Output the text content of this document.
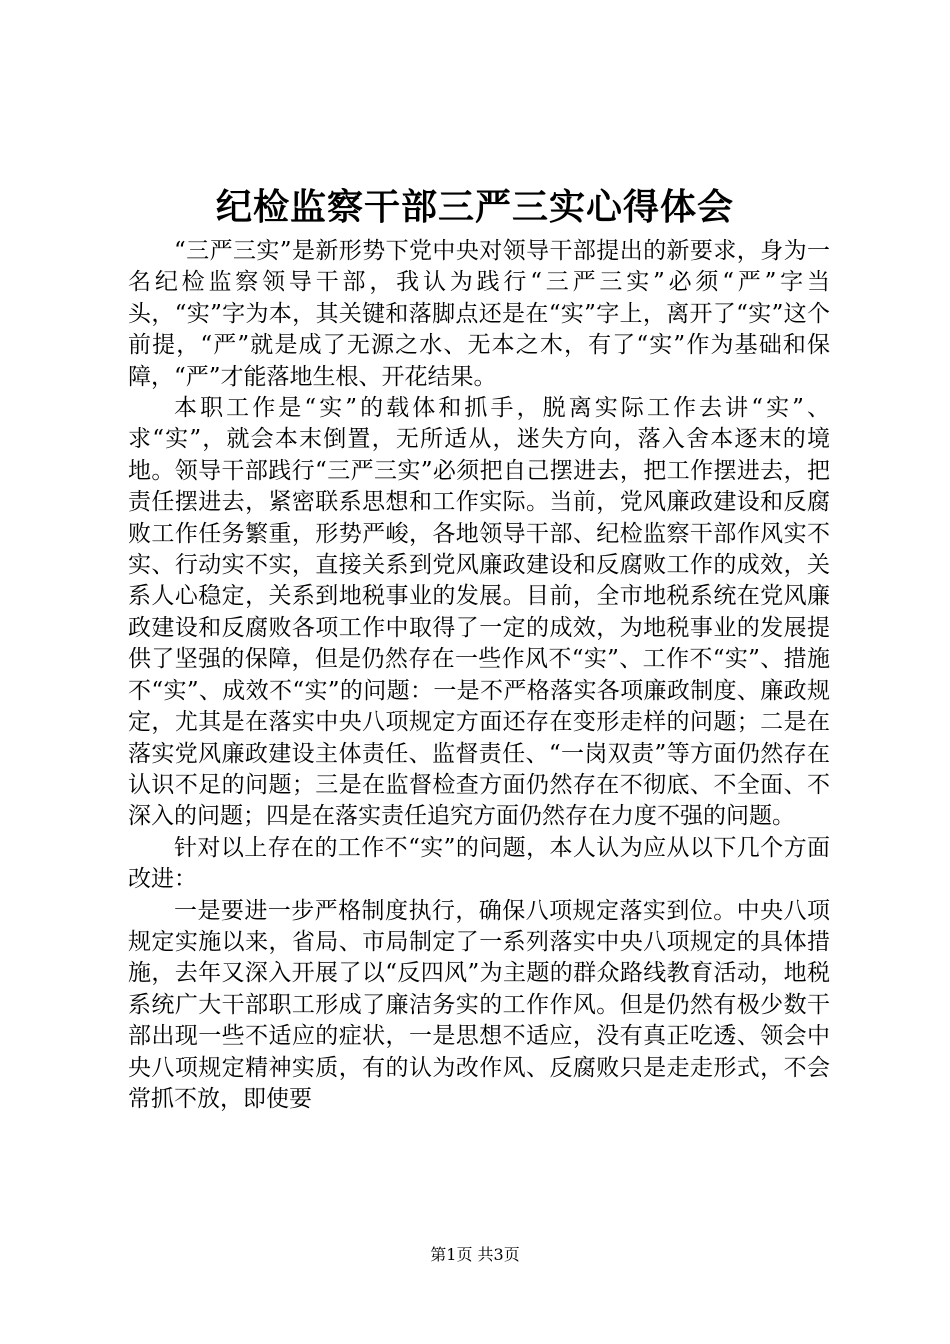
纪检监察干部三严三实心得体会

“三严三实”是新形势下党中央对领导干部提出的新要求，身为一名纪检监察领导干部，我认为践行“三严三实”必须“严”字当头，“实”字为本，其关键和落脚点还是在“实”字上，离开了“实”这个前提，“严”就是成了无源之水、无本之木，有了“实”作为基础和保障，“严”才能落地生根、开花结果。

本职工作是“实”的载体和抓手，脱离实际工作去讲“实”、求“实”，就会本末倒置，无所适从，迷失方向，落入舍本逐末的境地。领导干部践行“三严三实”必须把自己摆进去，把工作摆进去，把责任摆进去，紧密联系思想和工作实际。当前，党风廉政建设和反腐败工作任务繁重，形势严峻，各地领导干部、纪检监察干部作风实不实、行动实不实，直接关系到党风廉政建设和反腐败工作的成效，关系人心稳定，关系到地税事业的发展。目前，全市地税系统在党风廉政建设和反腐败各项工作中取得了一定的成效，为地税事业的发展提供了坚强的保障，但是仍然存在一些作风不“实”、工作不“实”、措施不“实”、成效不“实”的问题：一是不严格落实各项廉政制度、廉政规定，尤其是在落实中央八项规定方面还存在变形走样的问题；二是在落实党风廉政建设主体责任、监督责任、“一岗双责”等方面仍然存在认识不足的问题；三是在监督检查方面仍然存在不彻底、不全面、不深入的问题；四是在落实责任追究方面仍然存在力度不强的问题。

针对以上存在的工作不“实”的问题，本人认为应从以下几个方面改进：

一是要进一步严格制度执行，确保八项规定落实到位。中央八项规定实施以来，省局、市局制定了一系列落实中央八项规定的具体措施，去年又深入开展了以“反四风”为主题的群众路线教育活动，地税系统广大干部职工形成了廉洁务实的工作作风。但是仍然有极少数干部出现一些不适应的症状，一是思想不适应，没有真正吃透、领会中央八项规定精神实质，有的认为改作风、反腐败只是走走形式，不会常抓不放，即使要

第1页 共3页
